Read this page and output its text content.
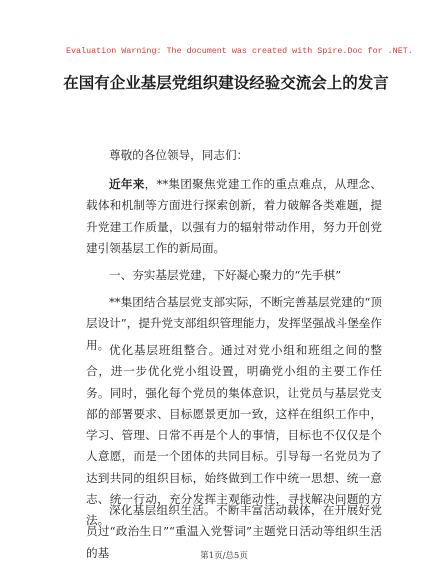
Evaluation Warning: The document was created with Spire.Doc for .NET.
在国有企业基层党组织建设经验交流会上的发言
尊敬的各位领导，同志们：
近年来，**集团聚焦党建工作的重点难点，从理念、载体和机制等方面进行探索创新，着力破解各类难题，提升党建工作质量，以强有力的辐射带动作用，努力开创党建引领基层工作的新局面。
一、夯实基层党建，下好凝心聚力的“先手棋”
**集团结合基层党支部实际，不断完善基层党建的“顶层设计”，提升党支部组织管理能力，发挥坚强战斗堡垒作用。 优化基层班组整合。通过对党小组和班组之间的整合，进一步优化党小组设置，明确党小组的主要工作任务。同时，强化每个党员的集体意识，让党员与基层党支部的部署要求、目标愿景更加一致，这样在组织工作中，学习、管理、日常不再是个人的事情，目标也不仅仅是个人意愿，而是一个团体的共同目标。引导每一名党员为了达到共同的组织目标，始终做到工作中统一思想、统一意志、统一行动，充分发挥主观能动性，寻找解决问题的方法。
深化基层组织生活。不断丰富活动载体，在开展好党员过“政治生日”“重温入党誓词”主题党日活动等组织生活的基	第1页/总5页
